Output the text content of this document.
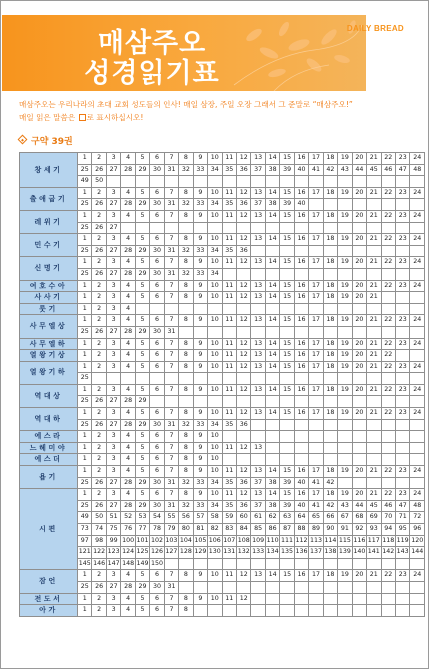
매삼주오
성경읽기표
DAILY BREAD
매삼주오는 우리나라의 초대 교회 성도들의 인사! 매일 삼장, 주일 오장 그래서 그 준말로 “매삼주오!”
매일 읽은 말씀은 로 표시하십시오!
구약 39권
창세기	1	2	3	4	5	6	7	8	9	10	11	12	13	14	15	16	17	18	19	20	21	22	23	24
	25	26	27	28	29	30	31	32	33	34	35	36	37	38	39	40	41	42	43	44	45	46	47	48
	49	50																						
출애굽기	1	2	3	4	5	6	7	8	9	10	11	12	13	14	15	16	17	18	19	20	21	22	23	24
	25	26	27	28	29	30	31	32	33	34	35	36	37	38	39	40								
레위기	1	2	3	4	5	6	7	8	9	10	11	12	13	14	15	16	17	18	19	20	21	22	23	24
	25	26	27																					
민수기	1	2	3	4	5	6	7	8	9	10	11	12	13	14	15	16	17	18	19	20	21	22	23	24
	25	26	27	28	29	30	31	32	33	34	35	36												
신명기	1	2	3	4	5	6	7	8	9	10	11	12	13	14	15	16	17	18	19	20	21	22	23	24
	25	26	27	28	29	30	31	32	33	34														
여호수아	1	2	3	4	5	6	7	8	9	10	11	12	13	14	15	16	17	18	19	20	21	22	23	24
사사기	1	2	3	4	5	6	7	8	9	10	11	12	13	14	15	16	17	18	19	20	21			
룻기	1	2	3	4																				
사무엘상	1	2	3	4	5	6	7	8	9	10	11	12	13	14	15	16	17	18	19	20	21	22	23	24
	25	26	27	28	29	30	31																	
사무엘하	1	2	3	4	5	6	7	8	9	10	11	12	13	14	15	16	17	18	19	20	21	22	23	24
열왕기상	1	2	3	4	5	6	7	8	9	10	11	12	13	14	15	16	17	18	19	20	21	22		
열왕기하	1	2	3	4	5	6	7	8	9	10	11	12	13	14	15	16	17	18	19	20	21	22	23	24
	25																							
역대상	1	2	3	4	5	6	7	8	9	10	11	12	13	14	15	16	17	18	19	20	21	22	23	24
	25	26	27	28	29																			
역대하	1	2	3	4	5	6	7	8	9	10	11	12	13	14	15	16	17	18	19	20	21	22	23	24
	25	26	27	28	29	30	31	32	33	34	35	36												
에스라	1	2	3	4	5	6	7	8	9	10														
느헤미야	1	2	3	4	5	6	7	8	9	10	11	12	13											
에스더	1	2	3	4	5	6	7	8	9	10														
욥기	1	2	3	4	5	6	7	8	9	10	11	12	13	14	15	16	17	18	19	20	21	22	23	24
	25	26	27	28	29	30	31	32	33	34	35	36	37	38	39	40	41	42						
시편	1	2	3	4	5	6	7	8	9	10	11	12	13	14	15	16	17	18	19	20	21	22	23	24
	25	26	27	28	29	30	31	32	33	34	35	36	37	38	39	40	41	42	43	44	45	46	47	48
	49	50	51	52	53	54	55	56	57	58	59	60	61	62	63	64	65	66	67	68	69	70	71	72
	73	74	75	76	77	78	79	80	81	82	83	84	85	86	87	88	89	90	91	92	93	94	95	96
	97	98	99	100	101	102	103	104	105	106	107	108	109	110	111	112	113	114	115	116	117	118	119	120
	121	122	123	124	125	126	127	128	129	130	131	132	133	134	135	136	137	138	139	140	141	142	143	144
	145	146	147	148	149	150																		
잠언	1	2	3	4	5	6	7	8	9	10	11	12	13	14	15	16	17	18	19	20	21	22	23	24
	25	26	27	28	29	30	31																	
전도서	1	2	3	4	5	6	7	8	9	10	11	12												
아가	1	2	3	4	5	6	7	8																
